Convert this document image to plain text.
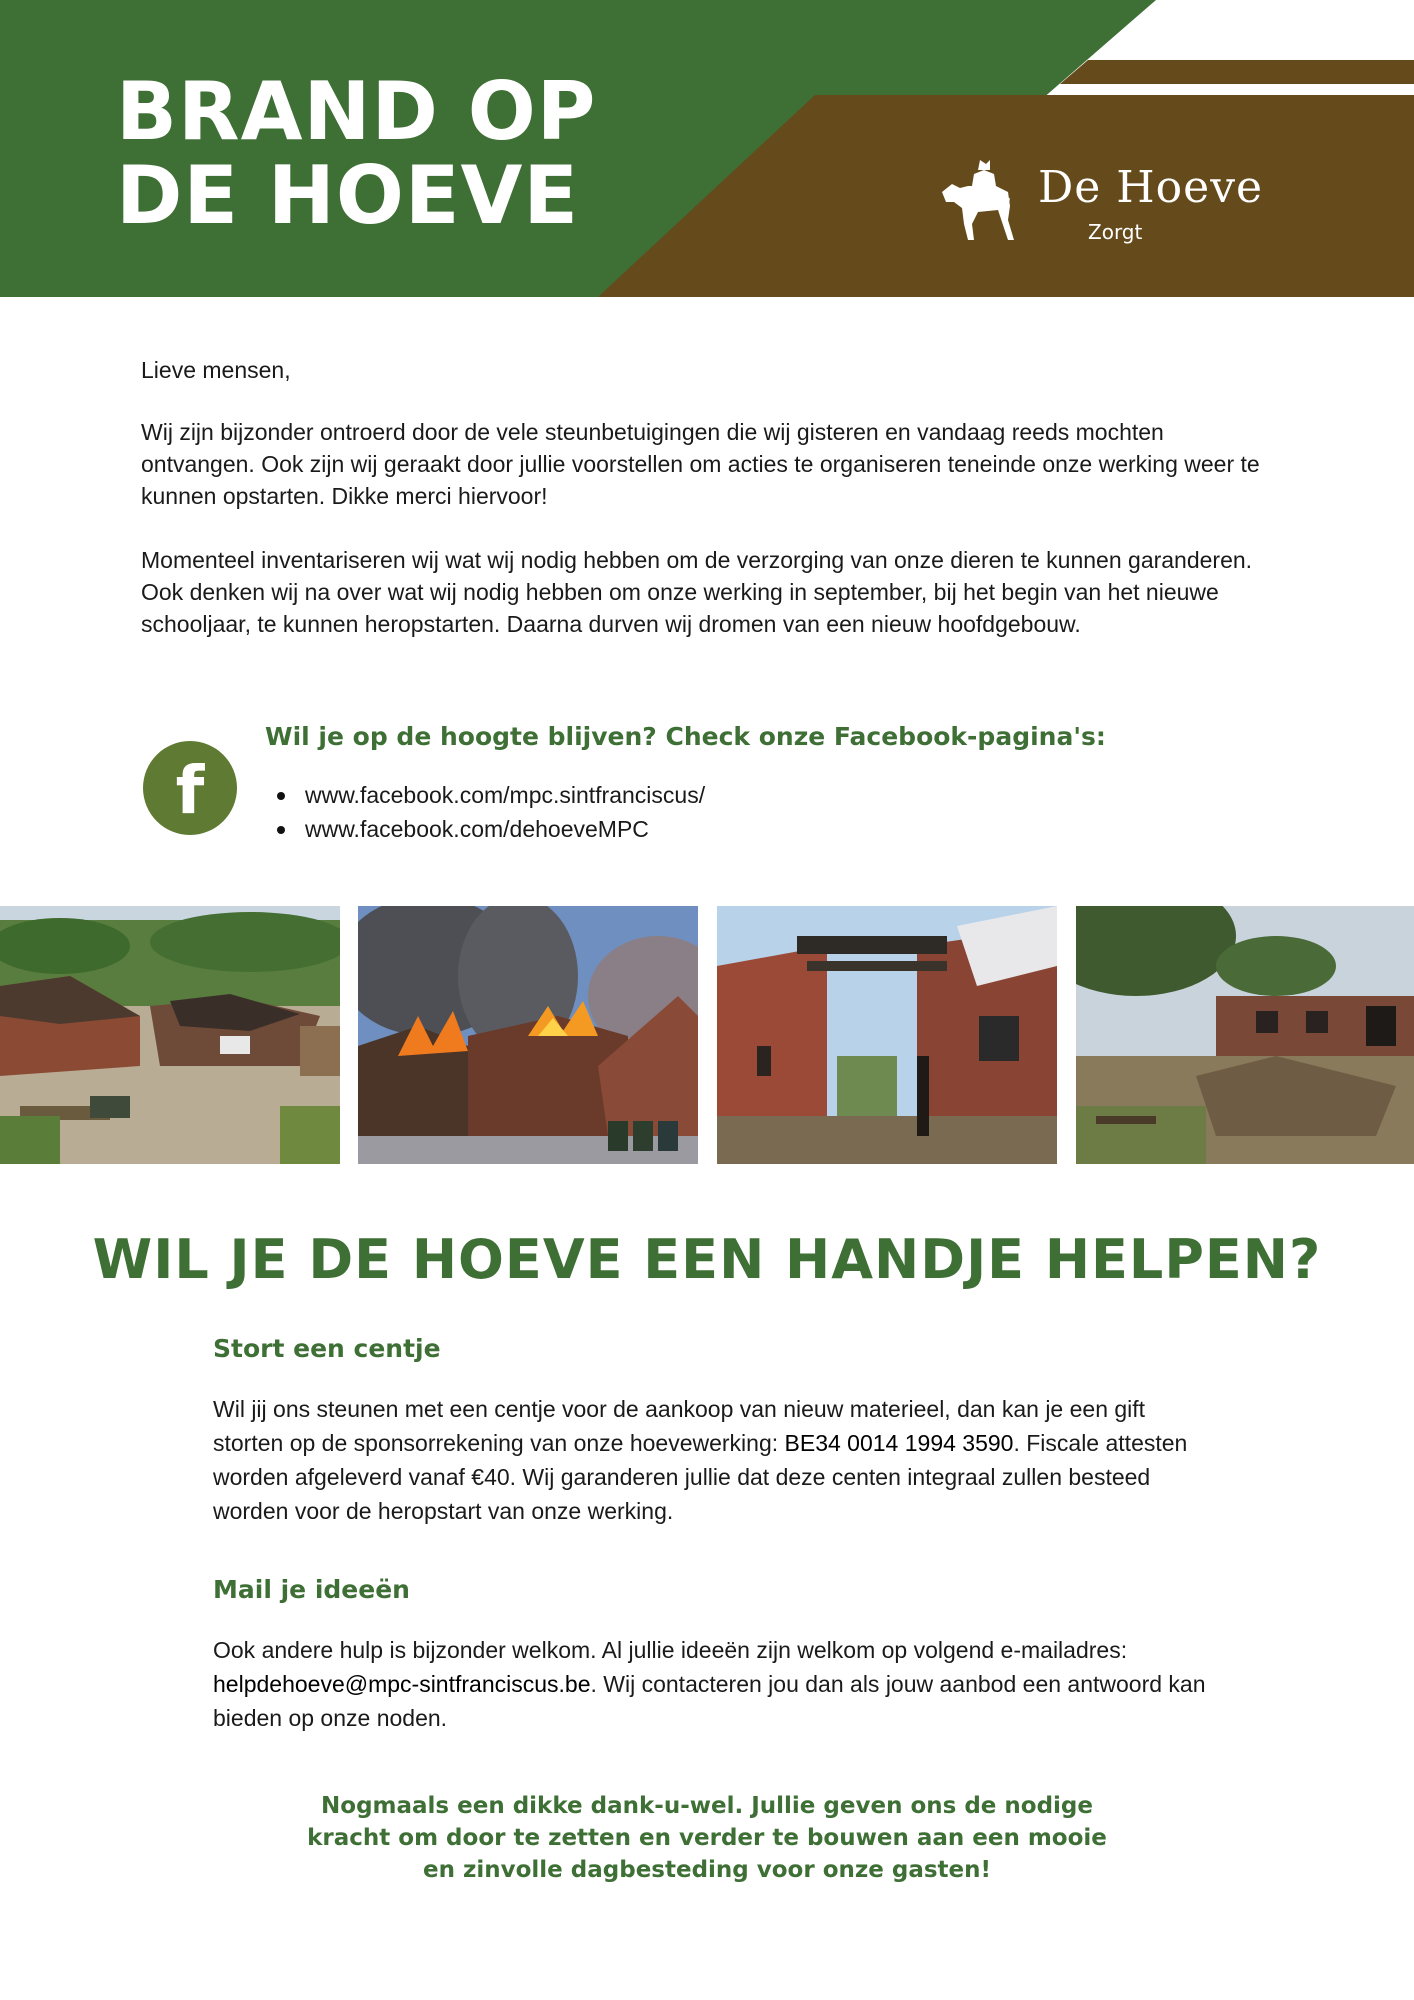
BRAND OP
DE HOEVE	De Hoeve
Zorgt

Lieve mensen,

Wij zijn bijzonder ontroerd door de vele steunbetuigingen die wij gisteren en vandaag reeds mochten ontvangen. Ook zijn wij geraakt door jullie voorstellen om acties te organiseren teneinde onze werking weer te kunnen opstarten. Dikke merci hiervoor!

Momenteel inventariseren wij wat wij nodig hebben om de verzorging van onze dieren te kunnen garanderen. Ook denken wij na over wat wij nodig hebben om onze werking in september, bij het begin van het nieuwe schooljaar, te kunnen heropstarten. Daarna durven wij dromen van een nieuw hoofdgebouw.

f
Wil je op de hoogte blijven? Check onze Facebook-pagina's:
www.facebook.com/mpc.sintfranciscus/
www.facebook.com/dehoeveMPC
WIL JE DE HOEVE EEN HANDJE HELPEN?
Stort een centje

Wil jij ons steunen met een centje voor de aankoop van nieuw materieel, dan kan je een gift storten op de sponsorrekening van onze hoevewerking: BE34 0014 1994 3590. Fiscale attesten worden afgeleverd vanaf €40. Wij garanderen jullie dat deze centen integraal zullen besteed worden voor de heropstart van onze werking.

Mail je ideeën

Ook andere hulp is bijzonder welkom. Al jullie ideeën zijn welkom op volgend e-mailadres: helpdehoeve@mpc-sintfranciscus.be. Wij contacteren jou dan als jouw aanbod een antwoord kan bieden op onze noden.

Nogmaals een dikke dank-u-wel. Jullie geven ons de nodige
kracht om door te zetten en verder te bouwen aan een mooie
en zinvolle dagbesteding voor onze gasten!
